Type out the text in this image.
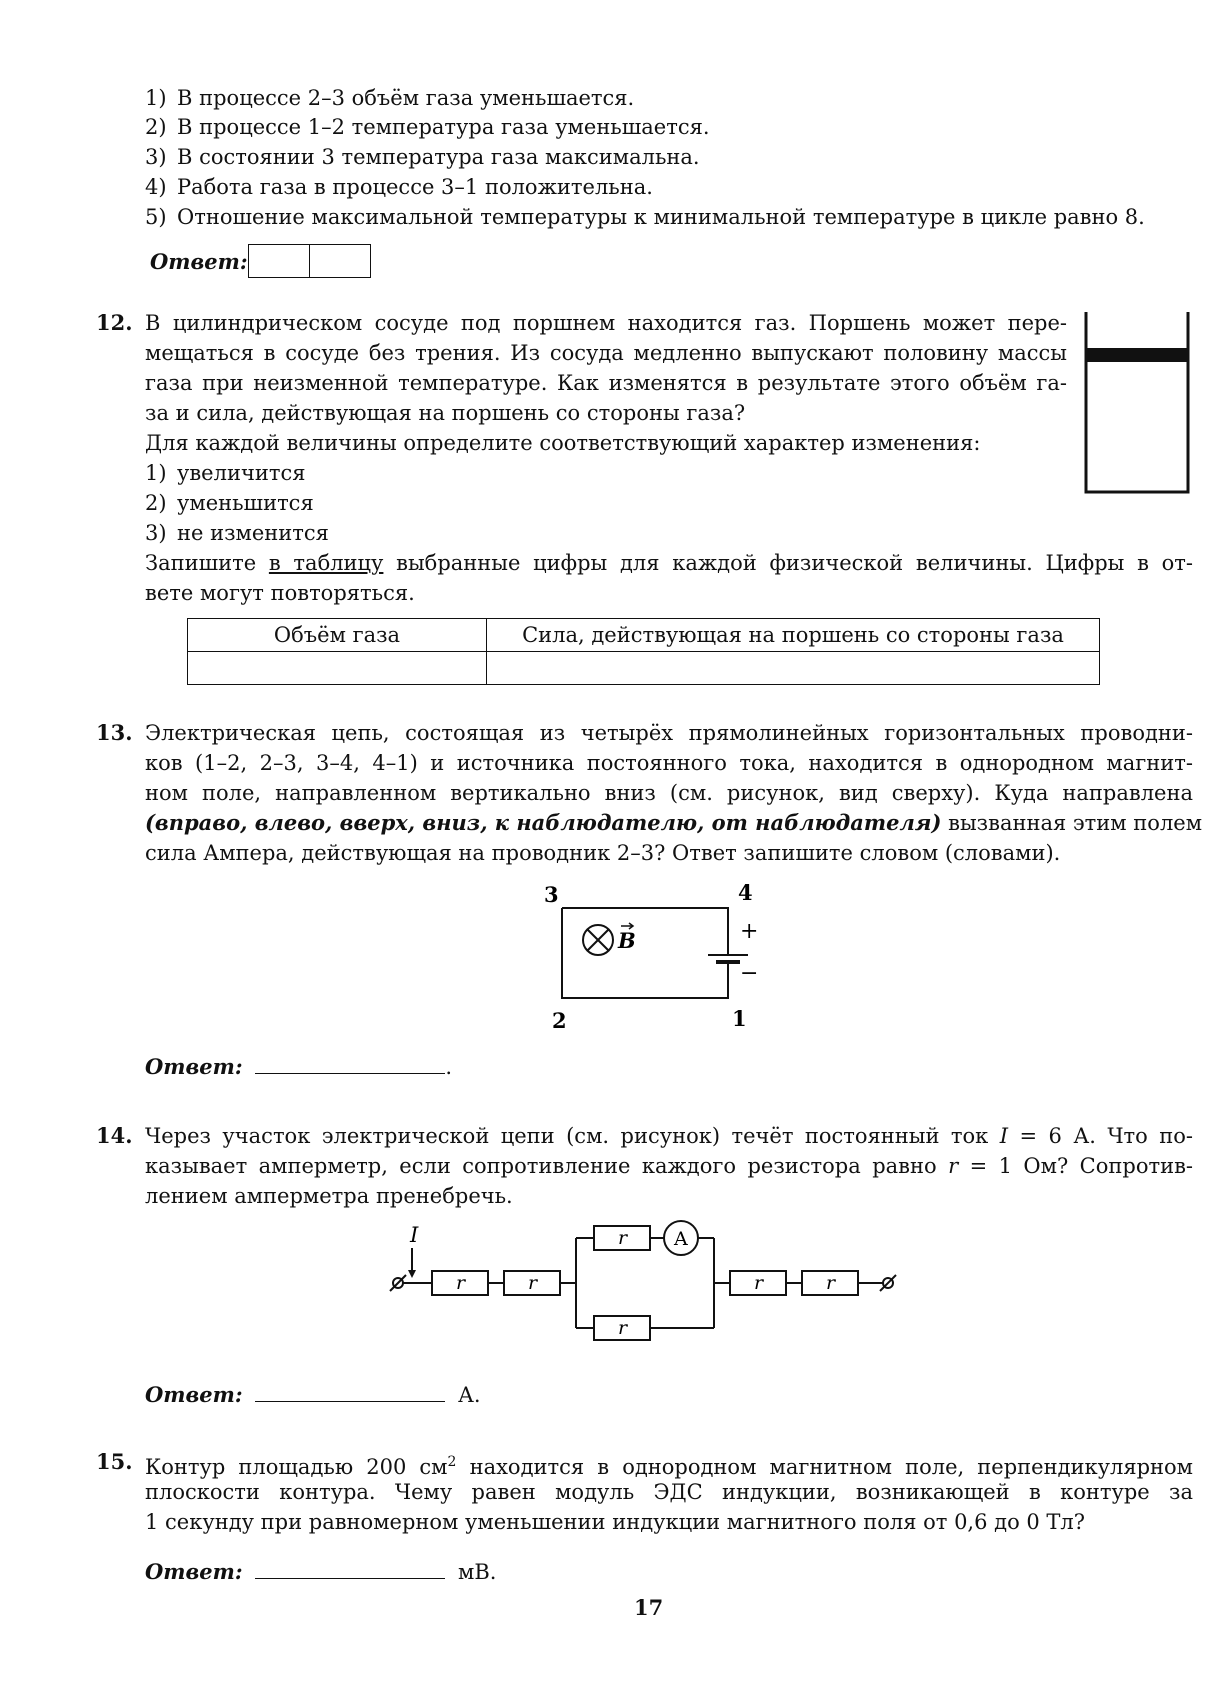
1) В процессе 2–3 объём газа уменьшается.
2) В процессе 1–2 температура газа уменьшается.
3) В состоянии 3 температура газа максимальна.
4) Работа газа в процессе 3–1 положительна.
5) Отношение максимальной температуры к минимальной температуре в цикле равно 8.
Ответ:
12. В цилиндрическом сосуде под поршнем находится газ. Поршень может пере-
мещаться в сосуде без трения. Из сосуда медленно выпускают половину массы
газа при неизменной температуре. Как изменятся в результате этого объём га-
за и сила, действующая на поршень со стороны газа?
Для каждой величины определите соответствующий характер изменения:
1) увеличится
2) уменьшится
3) не изменится
Запишите в таблицу выбранные цифры для каждой физической величины. Цифры в от-
вете могут повторяться.
Объём газа	Сила, действующая на поршень со стороны газа

13. Электрическая цепь, состоящая из четырёх прямолинейных горизонтальных проводни-
ков (1–2, 2–3, 3–4, 4–1) и источника постоянного тока, находится в однородном магнит-
ном поле, направленном вертикально вниз (см. рисунок, вид сверху). Куда направлена
(вправо, влево, вверх, вниз, к наблюдателю, от наблюдателя) вызванная этим полем
сила Ампера, действующая на проводник 2–3? Ответ запишите словом (словами).
+
−
B
3	4
2	1
Ответ:	.
14. Через участок электрической цепи (см. рисунок) течёт постоянный ток I = 6 А. Что по-
казывает амперметр, если сопротивление каждого резистора равно r = 1 Ом? Сопротив-
лением амперметра пренебречь.
I
r	r
r A
r
r	r
Ответ:	А.
15. Контур площадью 200 $см^2$ находится в однородном магнитном поле, перпендикулярном
плоскости контура. Чему равен модуль ЭДС индукции, возникающей в контуре за
1 секунду при равномерном уменьшении индукции магнитного поля от 0,6 до 0 Тл?
Ответ:	мВ.
17
